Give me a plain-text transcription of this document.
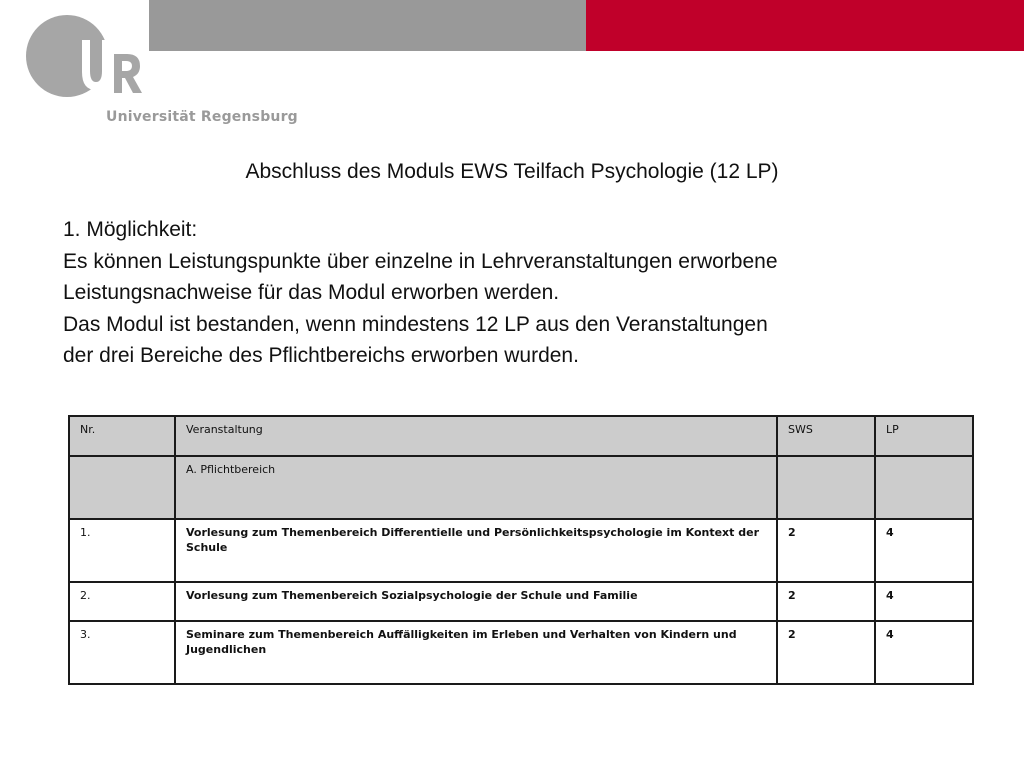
Universität Regensburg
Abschluss des Moduls EWS Teilfach Psychologie (12 LP)
1. Möglichkeit:
Es können Leistungspunkte über einzelne in Lehrveranstaltungen erworbene
Leistungsnachweise für das Modul erworben werden.
Das Modul ist bestanden, wenn mindestens 12 LP aus den Veranstaltungen
der drei Bereiche des Pflichtbereichs erworben wurden.
Nr.	Veranstaltung	SWS	LP
	A. Pflichtbereich		
1.	Vorlesung zum Themenbereich Differentielle und Persönlichkeitspsychologie im Kontext der Schule	2	4
2.	Vorlesung zum Themenbereich Sozialpsychologie der Schule und Familie	2	4
3.	Seminare zum Themenbereich Auffälligkeiten im Erleben und Verhalten von Kindern und Jugendlichen	2	4
